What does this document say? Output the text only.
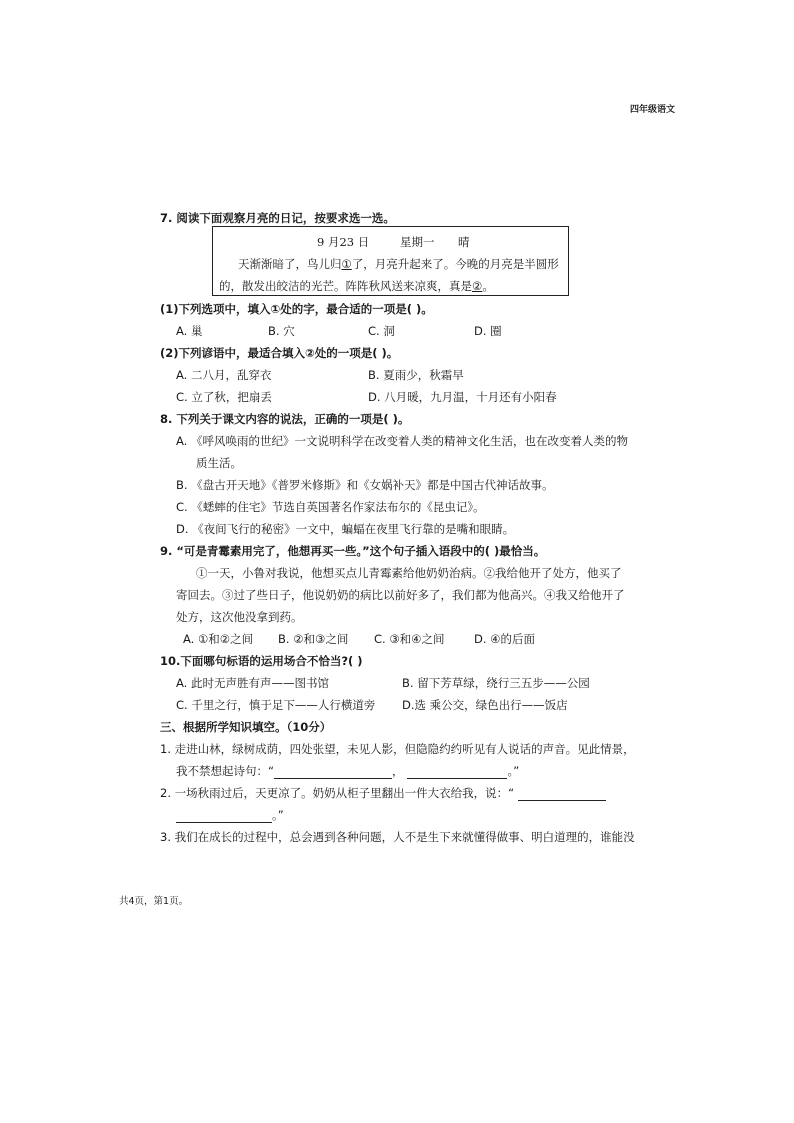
四年级语文
7. 阅读下面观察月亮的日记，按要求选一选。
9 月23 日	星期一 晴
天渐渐暗了，鸟儿归①了，月亮升起来了。今晚的月亮是半圆形
的，散发出皎洁的光芒。阵阵秋风送来凉爽，真是②。
(1)下列选项中，填入①处的字，最合适的一项是( )。
A. 巢	B. 穴	C. 洞	D. 圈
(2)下列谚语中，最适合填入②处的一项是( )。
A. 二八月，乱穿衣	B. 夏雨少，秋霜早
C. 立了秋，把扇丢	D. 八月暖，九月温，十月还有小阳春
8. 下列关于课文内容的说法，正确的一项是( )。
A. 《呼风唤雨的世纪》一文说明科学在改变着人类的精神文化生活，也在改变着人类的物
质生活。
B. 《盘古开天地》《普罗米修斯》和《女娲补天》都是中国古代神话故事。
C. 《蟋蟀的住宅》节选自英国著名作家法布尔的《昆虫记》。
D. 《夜间飞行的秘密》一文中，蝙蝠在夜里飞行靠的是嘴和眼睛。
9. “可是青霉素用完了，他想再买一些。”这个句子插入语段中的( )最恰当。
①一天，小鲁对我说，他想买点儿青霉素给他奶奶治病。②我给他开了处方，他买了
寄回去。③过了些日子，他说奶奶的病比以前好多了，我们都为他高兴。④我又给他开了
处方，这次他没拿到药。
A. ①和②之间 B. ②和③之间 C. ③和④之间	D. ④的后面
10.下面哪句标语的运用场合不恰当?( )
A. 此时无声胜有声——图书馆	B. 留下芳草绿，绕行三五步——公园
C. 千里之行，慎于足下——人行横道旁 D.选 乘公交，绿色出行——饭店
三、根据所学知识填空。（10分）
1. 走进山林，绿树成荫，四处张望，未见人影，但隐隐约约听见有人说话的声音。见此情景，
我不禁想起诗句：“	，	。”
2. 一场秋雨过后，天更凉了。奶奶从柜子里翻出一件大衣给我，说：“
。”
3. 我们在成长的过程中，总会遇到各种问题，人不是生下来就懂得做事、明白道理的，谁能没
共4页，第1页。
